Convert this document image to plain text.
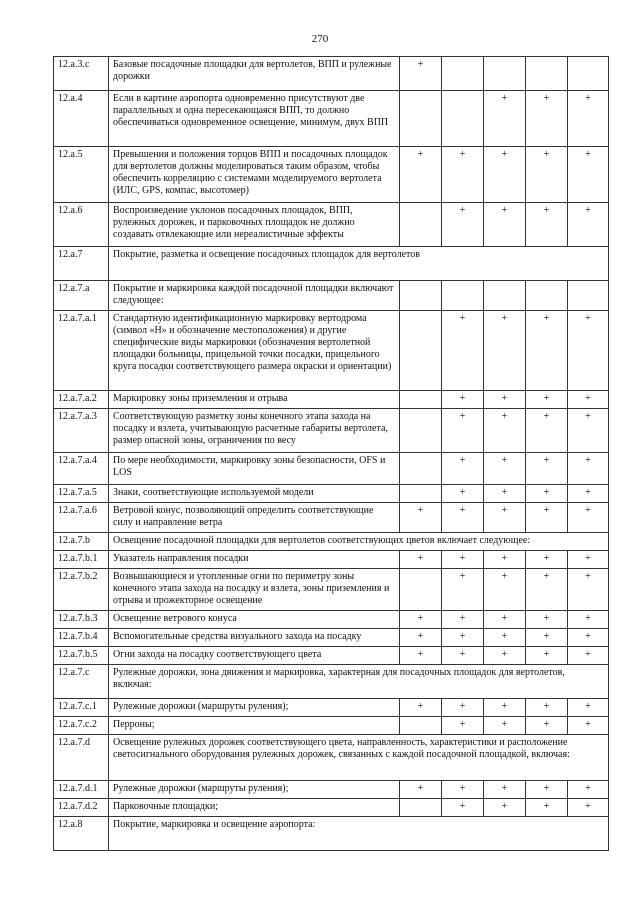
270
12.a.3.c	Базовые посадочные площадки для вертолетов, ВПП и рулежные дорожки	+				
12.a.4	Если в картине аэропорта одновременно присутствуют две параллельных и одна пересекающаяся ВПП, то должно обеспечиваться одновременное освещение, минимум, двух ВПП			+	+	+
12.a.5	Превышения и положения торцов ВПП и посадочных площадок для вертолетов должны моделироваться таким образом, чтобы обеспечить корреляцию с системами моделируемого вертолета (ИЛС, GPS, компас, высотомер)	+	+	+	+	+
12.a.6	Воспроизведение уклонов посадочных площадок, ВПП, рулежных дорожек, и парковочных площадок не должно создавать отвлекающие или нереалистичные эффекты		+	+	+	+
12.a.7	Покрытие, разметка и освещение посадочных площадок для вертолетов					
12.a.7.a	Покрытие и маркировка каждой посадочной площадки включают следующее:					
12.a.7.a.1	Стандартную идентификационную маркировку вертодрома (символ «Н» и обозначение местоположения) и другие специфические виды маркировки (обозначения вертолетной площадки больницы, прицельной точки посадки, прицельного круга посадки соответствующего размера окраски и ориентации)		+	+	+	+
12.a.7.a.2	Маркировку зоны приземления и отрыва		+	+	+	+
12.a.7.a.3	Соответствующую разметку зоны конечного этапа захода на посадку и взлета, учитывающую расчетные габариты вертолета, размер опасной зоны, ограничения по весу		+	+	+	+
12.a.7.a.4	По мере необходимости, маркировку зоны безопасности, OFS и LOS		+	+	+	+
12.a.7.a.5	Знаки, соответствующие используемой модели		+	+	+	+
12.a.7.a.6	Ветровой конус, позволяющий определить соответствующие силу и направление ветра	+	+	+	+	+
12.a.7.b	Освещение посадочной площадки для вертолетов соответствующих цветов включает следующее:					
12.a.7.b.1	Указатель направления посадки	+	+	+	+	+
12.a.7.b.2	Возвышающиеся и утопленные огни по периметру зоны конечного этапа захода на посадку и взлета, зоны приземления и отрыва и прожекторное освещение		+	+	+	+
12.a.7.b.3	Освещение ветрового конуса	+	+	+	+	+
12.a.7.b.4	Вспомогательные средства визуального захода на посадку	+	+	+	+	+
12.a.7.b.5	Огни захода на посадку соответствующего цвета	+	+	+	+	+
12.a.7.c	Рулежные дорожки, зона движения и маркировка, характерная для посадочных площадок для вертолетов, включая:					
12.a.7.c.1	Рулежные дорожки (маршруты руления);	+	+	+	+	+
12.a.7.c.2	Перроны;		+	+	+	+
12.a.7.d	Освещение рулежных дорожек соответствующего цвета, направленность, характеристики и расположение светосигнального оборудования рулежных дорожек, связанных с каждой посадочной площадкой, включая:					
12.a.7.d.1	Рулежные дорожки (маршруты руления);	+	+	+	+	+
12.a.7.d.2	Парковочные площадки;		+	+	+	+
12.a.8	Покрытие, маркировка и освещение аэропорта:					
